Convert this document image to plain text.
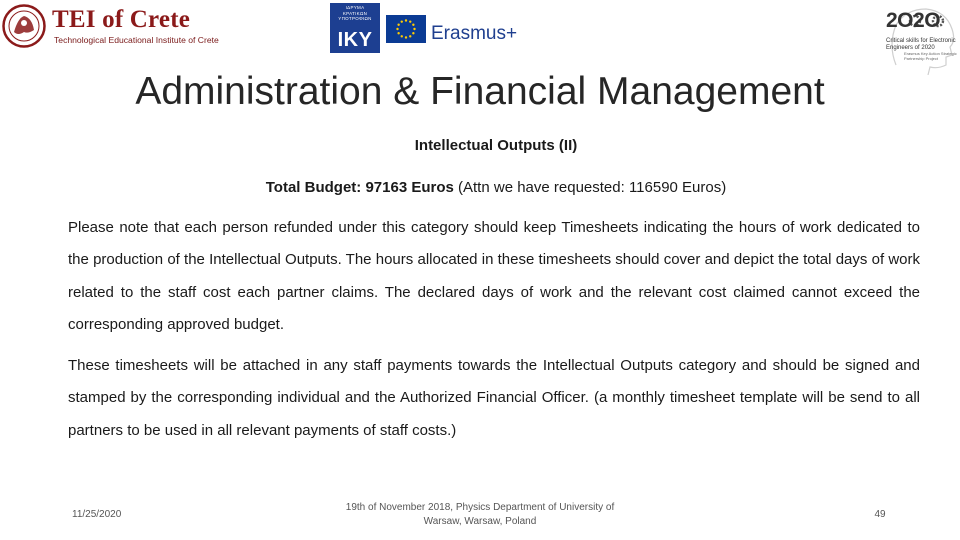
TEI of Crete
Technological Educational Institute of Crete
ΙΔΡΥΜΑ
ΚΡΑΤΙΚΩΝ
ΥΠΟΤΡΟΦΙΩΝ
IKY	Erasmus+
2O2O
Critical skills for Electronic Engineers of 2020
Erasmus Key Action Strategic Partnership Project
Administration & Financial Management
Intellectual Outputs (II)
Total Budget: 97163 Euros (Attn we have requested: 116590 Euros)

Please note that each person refunded under this category should keep Timesheets indicating the hours of work dedicated to the production of the Intellectual Outputs. The hours allocated in these timesheets should cover and depict the total days of work related to the staff cost each partner claims. The declared days of work and the relevant cost claimed cannot exceed the corresponding approved budget.

These timesheets will be attached in any staff payments towards the Intellectual Outputs category and should be signed and stamped by the corresponding individual and the Authorized Financial Officer. (a monthly timesheet template will be send to all partners to be used in all relevant payments of staff costs.)

11/25/2020
19th of November 2018, Physics Department of University of
Warsaw, Warsaw, Poland
49
